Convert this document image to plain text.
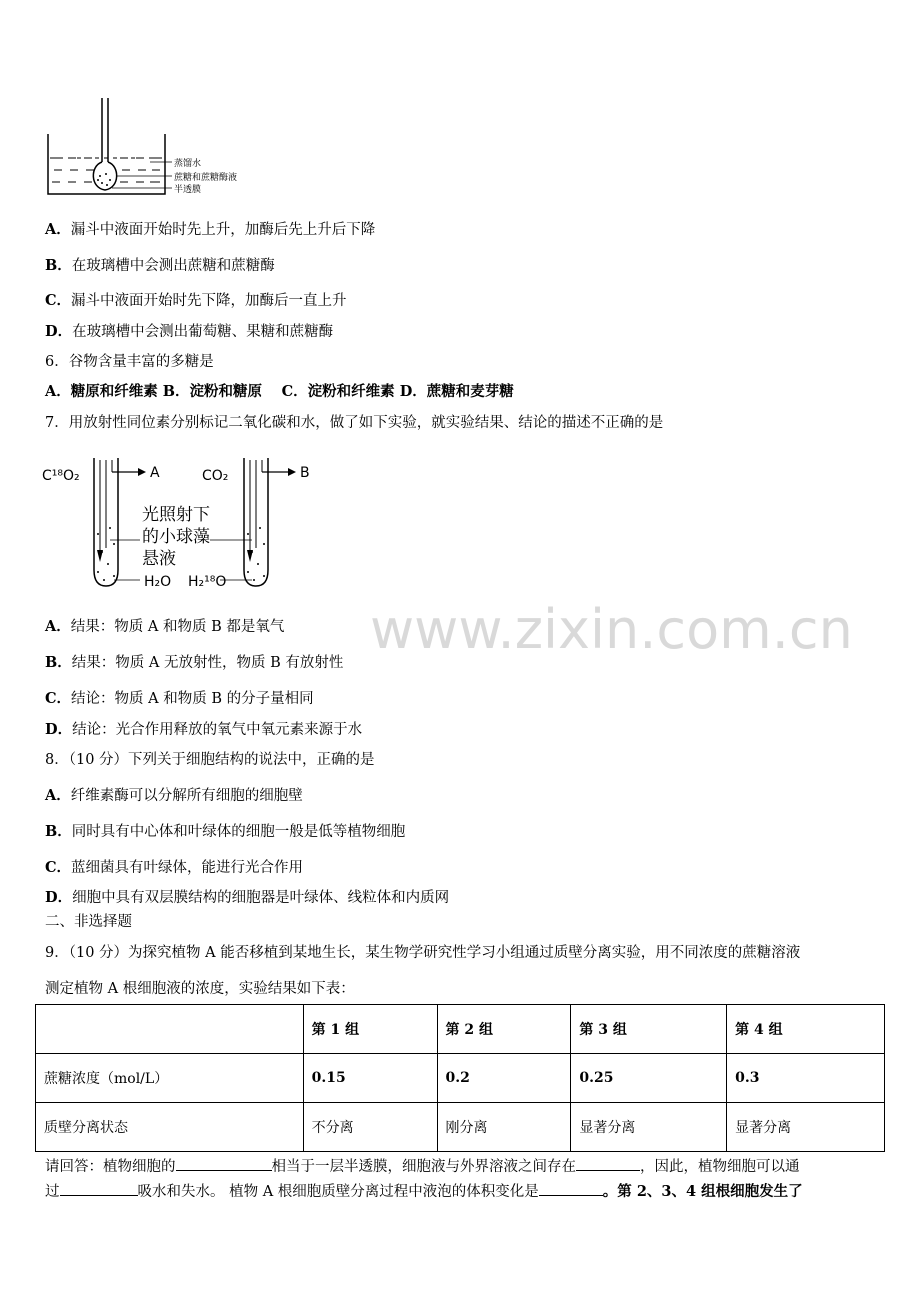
蒸馏水
蔗糖和蔗糖酶液
半透膜
A．漏斗中液面开始时先上升，加酶后先上升后下降
B．在玻璃槽中会测出蔗糖和蔗糖酶
C．漏斗中液面开始时先下降，加酶后一直上升
D．在玻璃槽中会测出葡萄糖、果糖和蔗糖酶
6．谷物含量丰富的多糖是
A．糖原和纤维素 B．淀粉和糖原　 C．淀粉和纤维素 D．蔗糖和麦芽糖
7．用放射性同位素分别标记二氧化碳和水，做了如下实验，就实验结果、结论的描述不正确的是
C¹⁸O₂	CO₂
A	B
光照射下
的小球藻
悬液
H₂O H₂¹⁸O
www.zixin.com.cn
A．结果：物质 A 和物质 B 都是氧气
B．结果：物质 A 无放射性，物质 B 有放射性
C．结论：物质 A 和物质 B 的分子量相同
D．结论：光合作用释放的氧气中氧元素来源于水
8．（10 分）下列关于细胞结构的说法中，正确的是
A．纤维素酶可以分解所有细胞的细胞壁
B．同时具有中心体和叶绿体的细胞一般是低等植物细胞
C．蓝细菌具有叶绿体，能进行光合作用
D．细胞中具有双层膜结构的细胞器是叶绿体、线粒体和内质网
二、非选择题
9．（10 分）为探究植物 A 能否移植到某地生长，某生物学研究性学习小组通过质壁分离实验，用不同浓度的蔗糖溶液
测定植物 A 根细胞液的浓度，实验结果如下表：
	第 1 组	第 2 组	第 3 组	第 4 组
蔗糖浓度（mol/L）	0.15	0.2	0.25	0.3
质壁分离状态	不分离	刚分离	显著分离	显著分离
请回答：植物细胞的	相当于一层半透膜，细胞液与外界溶液之间存在	，因此，植物细胞可以通
过	吸水和失水。 植物 A 根细胞质壁分离过程中液泡的体积变化是	。第 2、3、4 组根细胞发生了
